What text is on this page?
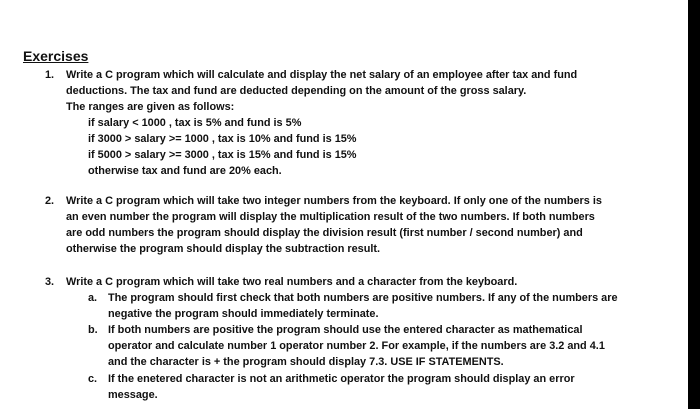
Exercises
1. Write a C program which will calculate and display the net salary of an employee after tax and fund
deductions. The tax and fund are deducted depending on the amount of the gross salary.
The ranges are given as follows:
if salary < 1000 , tax is 5% and fund is 5%
if 3000 > salary >= 1000 , tax is 10% and fund is 15%
if 5000 > salary >= 3000 , tax is 15% and fund is 15%
otherwise tax and fund are 20% each.
2. Write a C program which will take two integer numbers from the keyboard. If only one of the numbers is
an even number the program will display the multiplication result of the two numbers. If both numbers
are odd numbers the program should display the division result (first number / second number) and
otherwise the program should display the subtraction result.
3. Write a C program which will take two real numbers and a character from the keyboard.
a. The program should first check that both numbers are positive numbers. If any of the numbers are
negative the program should immediately terminate.
b. If both numbers are positive the program should use the entered character as mathematical
operator and calculate number 1 operator number 2. For example, if the numbers are 3.2 and 4.1
and the character is + the program should display 7.3. USE IF STATEMENTS.
c. If the enetered character is not an arithmetic operator the program should display an error
message.
